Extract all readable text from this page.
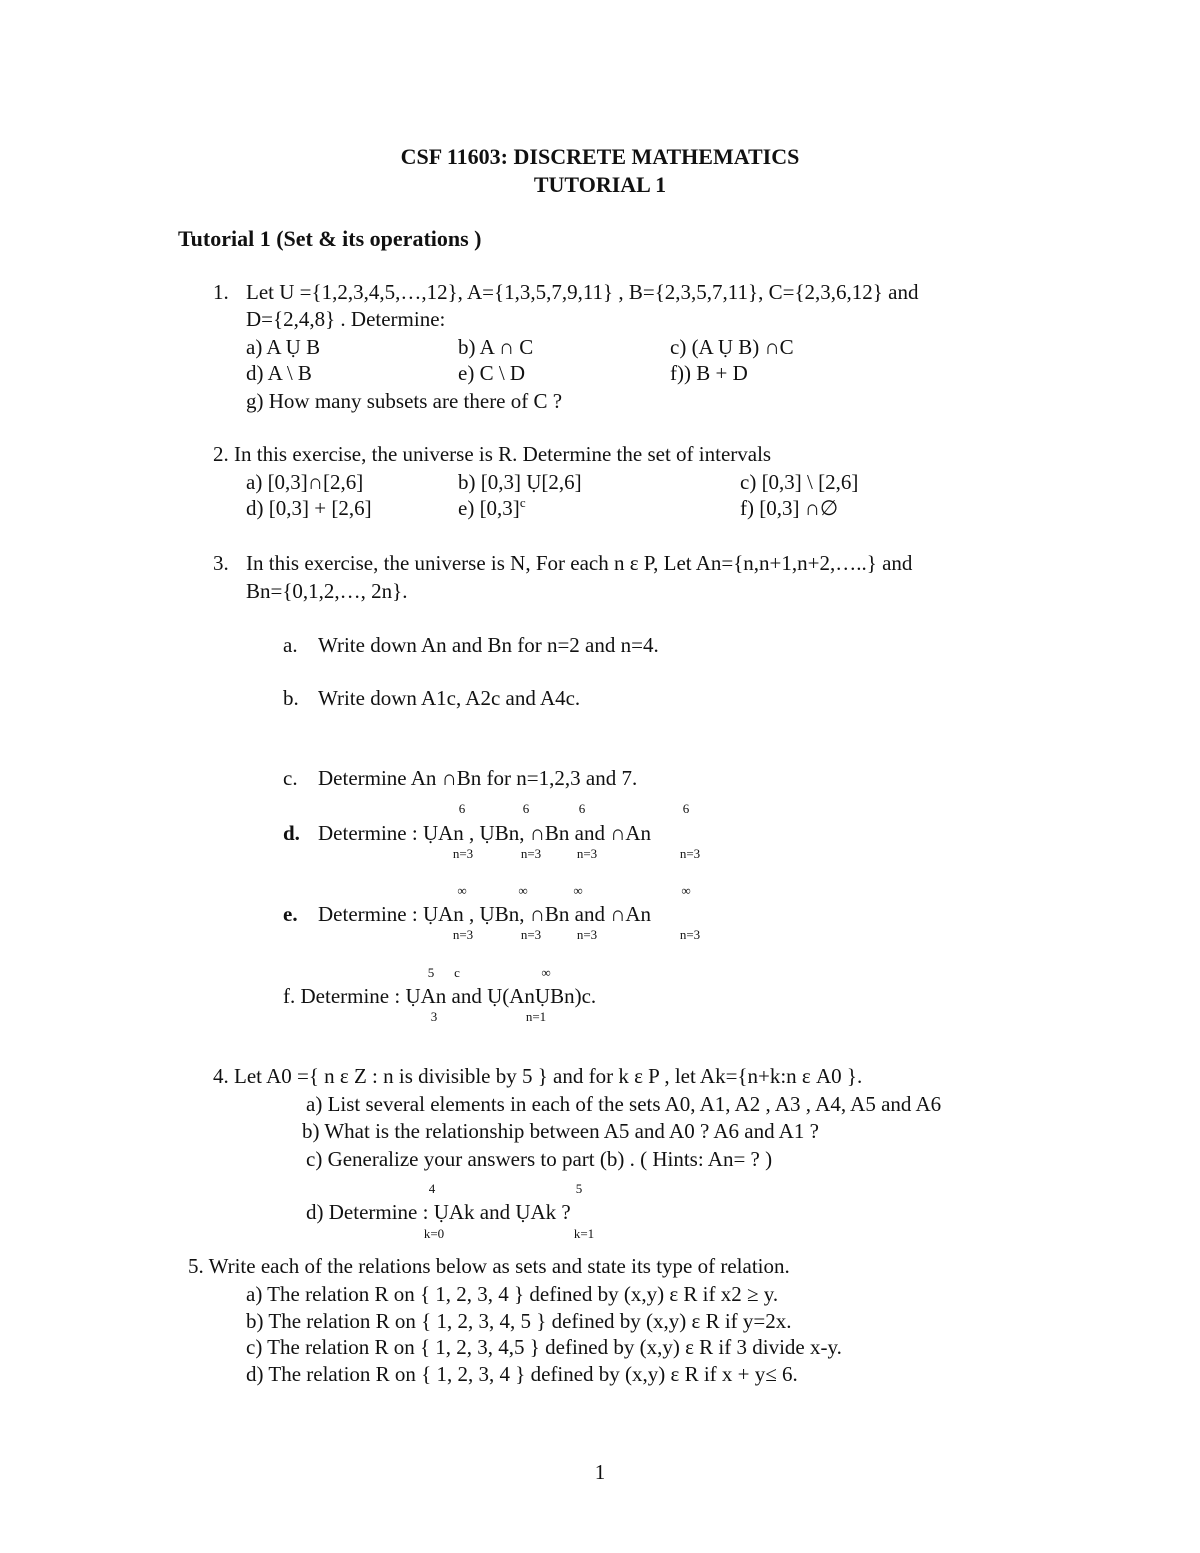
CSF 11603: DISCRETE MATHEMATICS
TUTORIAL 1
Tutorial 1 (Set & its operations )
1. Let U ={1,2,3,4,5,…,12}, A={1,3,5,7,9,11} , B={2,3,5,7,11}, C={2,3,6,12} and
D={2,4,8} . Determine:
a) A Ụ B	b) A ∩ C	c) (A Ụ B) ∩C
d) A \ B	e) C \ D	f)) B + D
g) How many subsets are there of C ?
2. In this exercise, the universe is R. Determine the set of intervals
a) [0,3]∩[2,6]	b) [0,3] Ụ[2,6]	c) [0,3] \ [2,6]
d) [0,3] + [2,6]	e) $[0,3]^c$	f) [0,3] ∩∅
3. In this exercise, the universe is N, For each n ε P, Let An={n,n+1,n+2,…..} and
Bn={0,1,2,…, 2n}.
a. Write down An and Bn for n=2 and n=4.
b. Write down A1c, A2c and A4c.
c. Determine An ∩Bn for n=1,2,3 and 7.
6	6	6	6
d. Determine : ỤAn , ỤBn, ∩Bn and ∩An
n=3	n=3	n=3	n=3
∞	∞	∞	∞
e. Determine : ỤAn , ỤBn, ∩Bn and ∩An
n=3	n=3	n=3	n=3
5 c	∞
f. Determine : ỤAn and Ụ(AnỤBn)c.
3	n=1
4. Let A0 ={ n ε Z : n is divisible by 5 } and for k ε P , let Ak={n+k:n ε A0 }.
a) List several elements in each of the sets A0, A1, A2 , A3 , A4, A5 and A6
b) What is the relationship between A5 and A0 ? A6 and A1 ?
c) Generalize your answers to part (b) . ( Hints: An= ? )
4	5
d) Determine : ỤAk and ỤAk ?
k=0	k=1
5. Write each of the relations below as sets and state its type of relation.
a) The relation R on { 1, 2, 3, 4 } defined by (x,y) ε R if x2 ≥ y.
b) The relation R on { 1, 2, 3, 4, 5 } defined by (x,y) ε R if y=2x.
c) The relation R on { 1, 2, 3, 4,5 } defined by (x,y) ε R if 3 divide x-y.
d) The relation R on { 1, 2, 3, 4 } defined by (x,y) ε R if x + y≤ 6.
1
